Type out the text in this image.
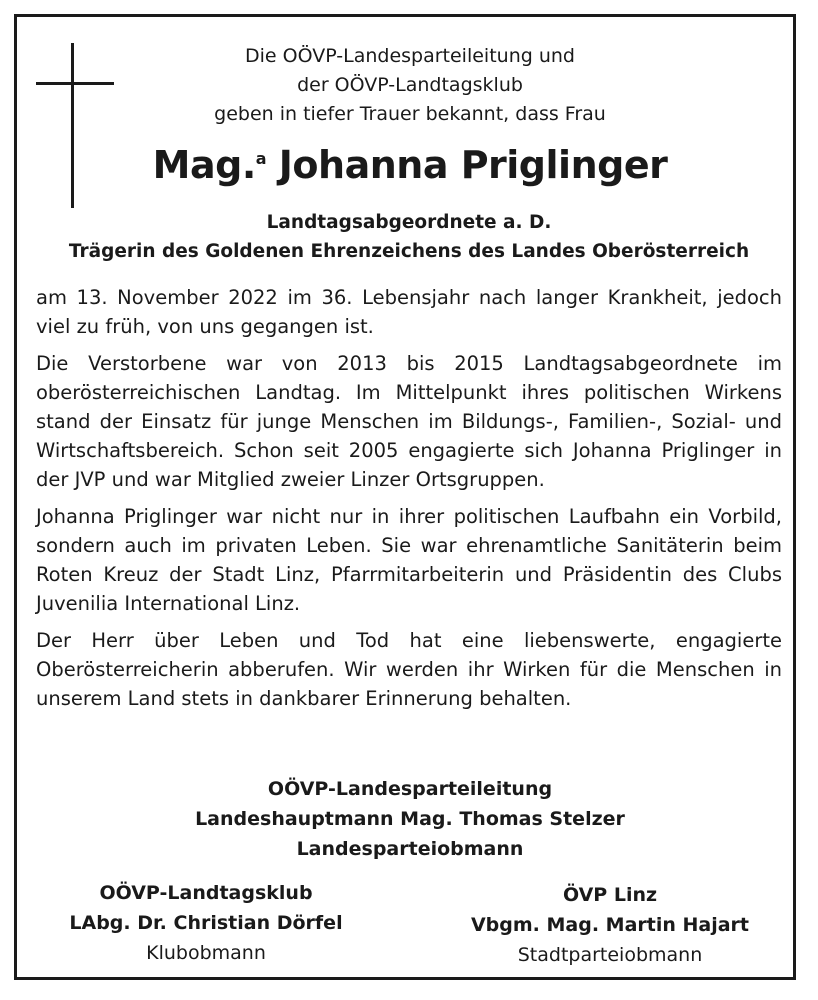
Die OÖVP-Landesparteileitung und
der OÖVP-Landtagsklub
geben in tiefer Trauer bekannt, dass Frau
Mag.$^a$ Johanna Priglinger
Landtagsabgeordnete a. D.
Trägerin des Goldenen Ehrenzeichens des Landes Oberösterreich

am 13. November 2022 im 36. Lebensjahr nach langer Krankheit, jedoch viel zu früh, von uns gegangen ist.

Die Verstorbene war von 2013 bis 2015 Landtagsabgeordnete im oberösterreichischen Landtag. Im Mittelpunkt ihres politischen Wirkens stand der Einsatz für junge Menschen im Bildungs-, Familien-, Sozial- und Wirtschaftsbereich. Schon seit 2005 engagierte sich Johanna Priglinger in der JVP und war Mitglied zweier Linzer Ortsgruppen.

Johanna Priglinger war nicht nur in ihrer politischen Laufbahn ein Vorbild, sondern auch im privaten Leben. Sie war ehrenamtliche Sanitäterin beim Roten Kreuz der Stadt Linz, Pfarrmitarbeiterin und Präsidentin des Clubs Juvenilia International Linz.

Der Herr über Leben und Tod hat eine liebenswerte, engagierte Oberösterreicherin abberufen. Wir werden ihr Wirken für die Menschen in unserem Land stets in dankbarer Erinnerung behalten.

OÖVP-Landesparteileitung
Landeshauptmann Mag. Thomas Stelzer
Landesparteiobmann
OÖVP-Landtagsklub
LAbg. Dr. Christian Dörfel
Klubobmann
ÖVP Linz
Vbgm. Mag. Martin Hajart
Stadtparteiobmann
